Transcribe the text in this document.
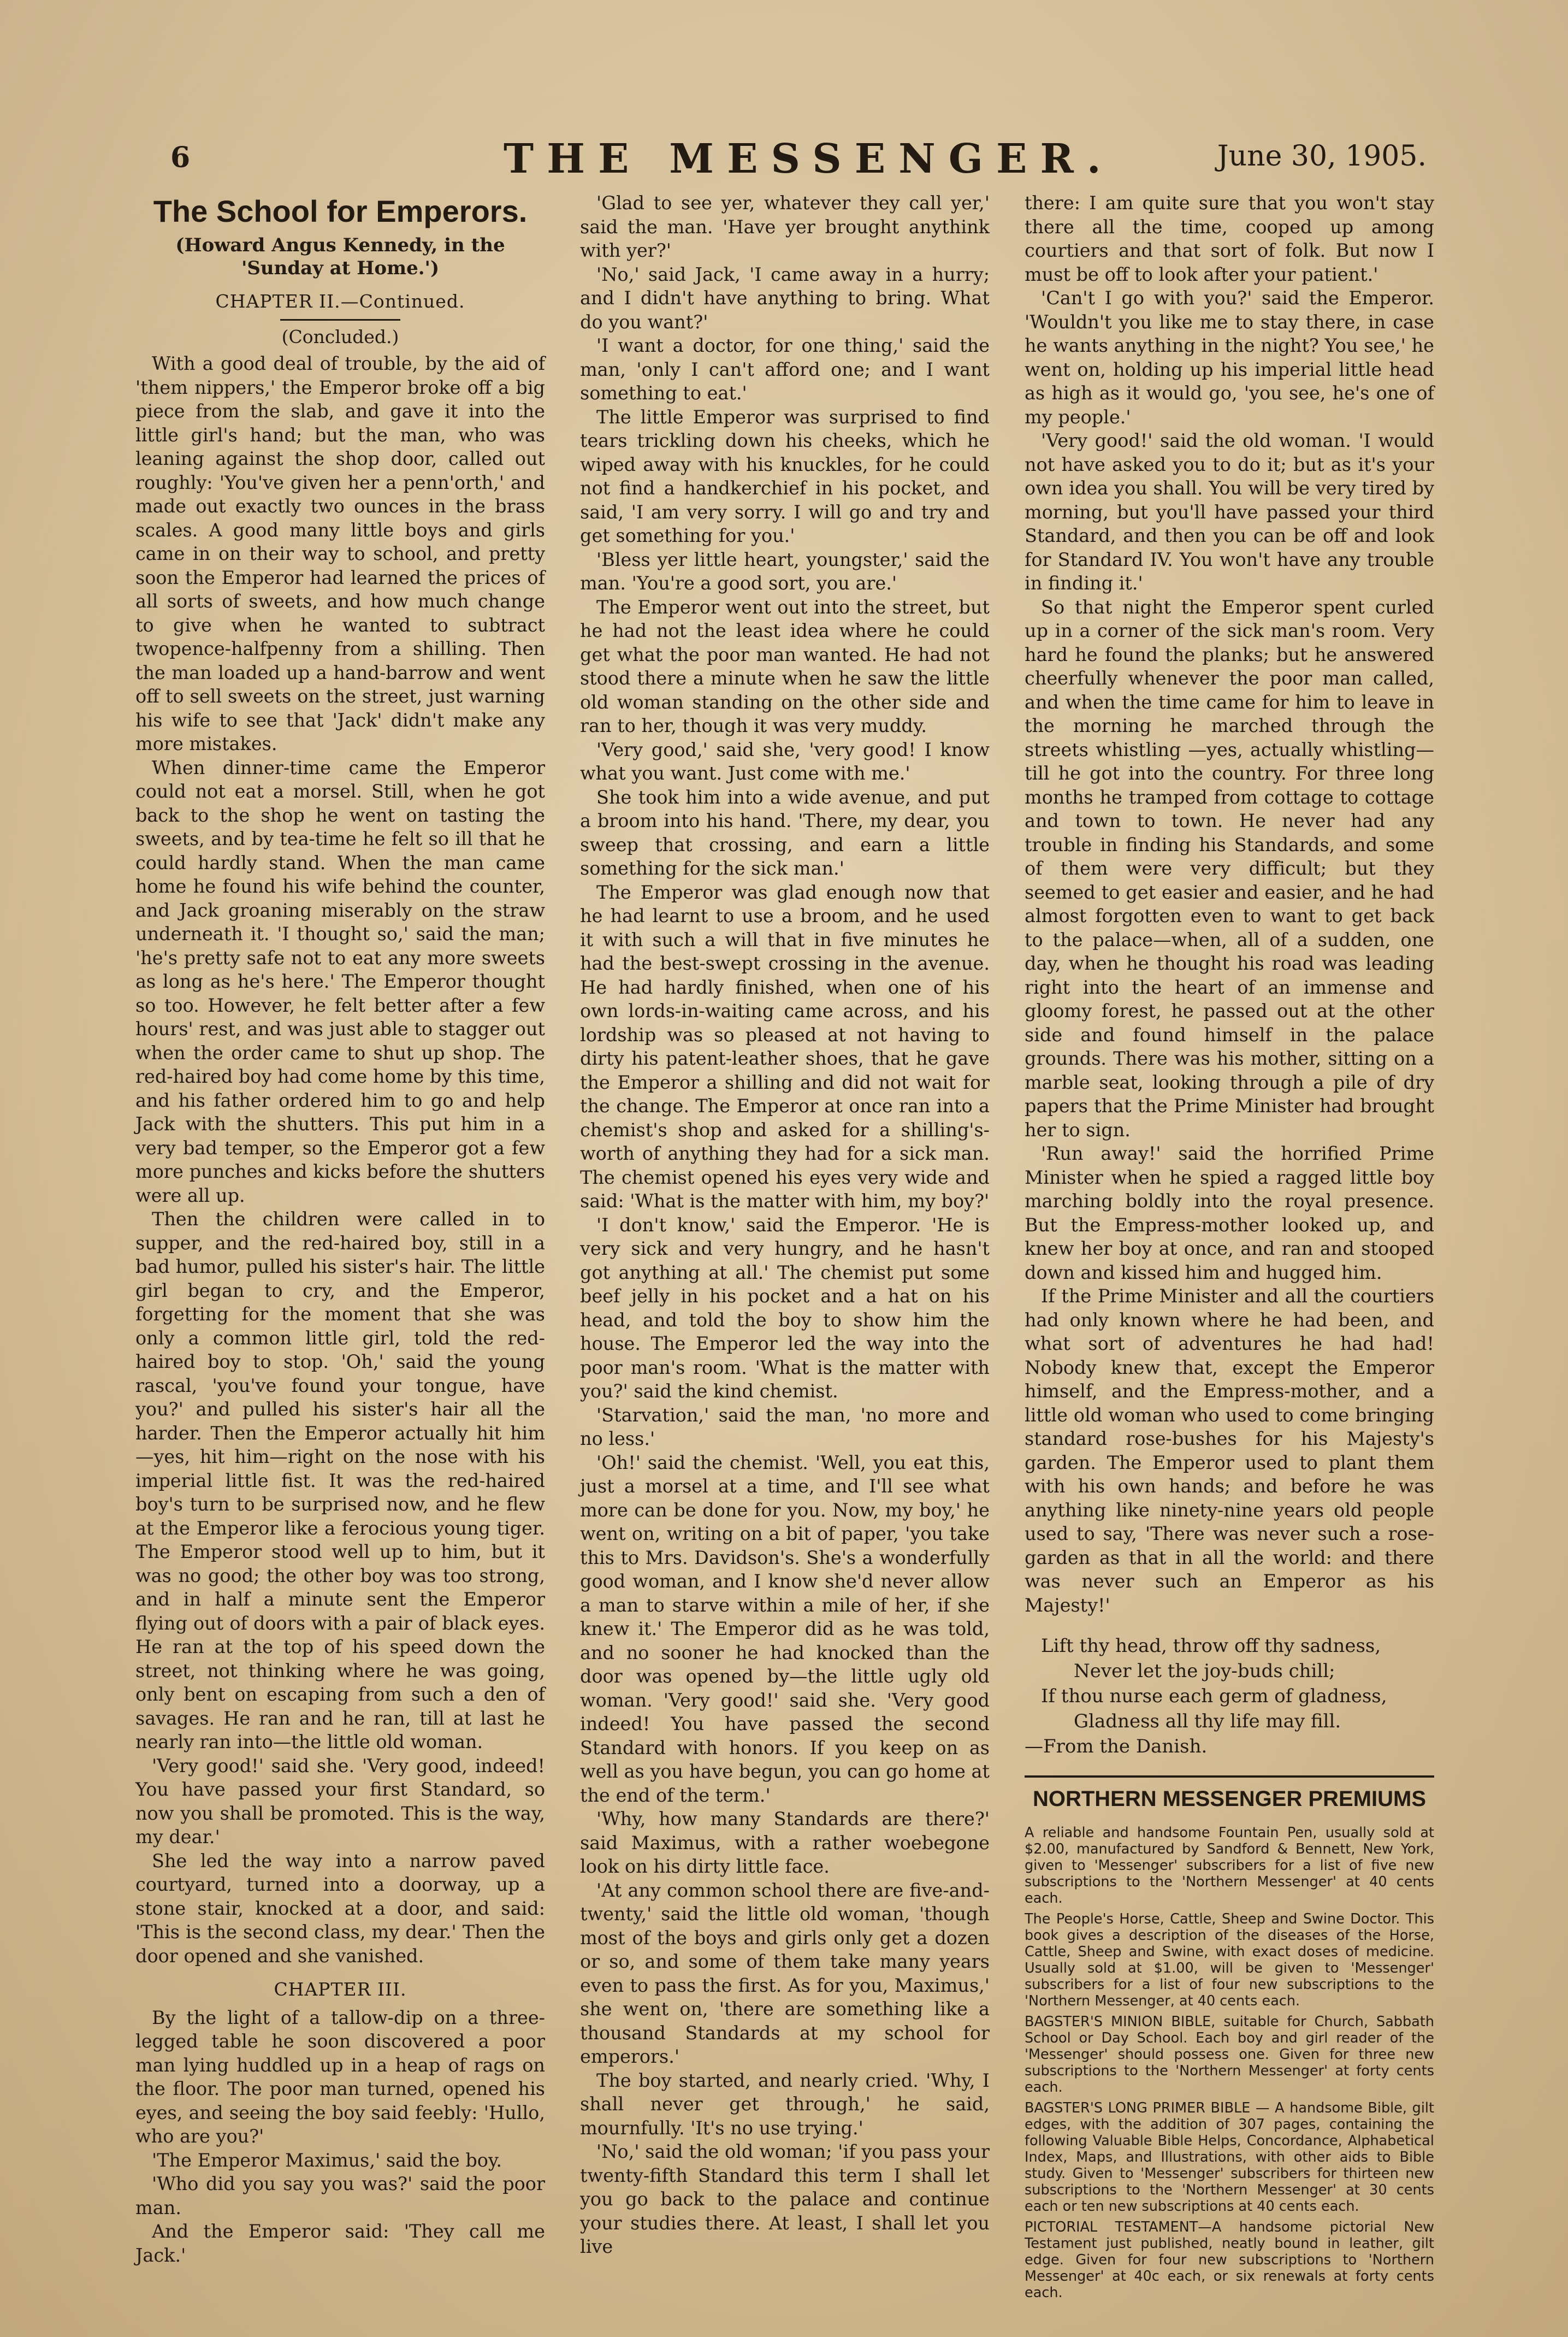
6	THE MESSENGER.	June 30, 1905.
The School for Emperors.
(Howard Angus Kennedy, in the 'Sunday at Home.')
CHAPTER II.—Continued.
(Concluded.)

With a good deal of trouble, by the aid of 'them nippers,' the Emperor broke off a big piece from the slab, and gave it into the little girl's hand; but the man, who was leaning against the shop door, called out roughly: 'You've given her a penn'orth,' and made out exactly two ounces in the brass scales. A good many little boys and girls came in on their way to school, and pretty soon the Emperor had learned the prices of all sorts of sweets, and how much change to give when he wanted to subtract twopence-halfpenny from a shilling. Then the man loaded up a hand-barrow and went off to sell sweets on the street, just warning his wife to see that 'Jack' didn't make any more mistakes.

When dinner-time came the Emperor could not eat a morsel. Still, when he got back to the shop he went on tasting the sweets, and by tea-time he felt so ill that he could hardly stand. When the man came home he found his wife behind the counter, and Jack groaning miserably on the straw underneath it. 'I thought so,' said the man; 'he's pretty safe not to eat any more sweets as long as he's here.' The Emperor thought so too. However, he felt better after a few hours' rest, and was just able to stagger out when the order came to shut up shop. The red-haired boy had come home by this time, and his father ordered him to go and help Jack with the shutters. This put him in a very bad temper, so the Emperor got a few more punches and kicks before the shutters were all up.

Then the children were called in to supper, and the red-haired boy, still in a bad humor, pulled his sister's hair. The little girl began to cry, and the Emperor, forgetting for the moment that she was only a common little girl, told the red-haired boy to stop. 'Oh,' said the young rascal, 'you've found your tongue, have you?' and pulled his sister's hair all the harder. Then the Emperor actually hit him—yes, hit him—right on the nose with his imperial little fist. It was the red-haired boy's turn to be surprised now, and he flew at the Emperor like a ferocious young tiger. The Emperor stood well up to him, but it was no good; the other boy was too strong, and in half a minute sent the Emperor flying out of doors with a pair of black eyes. He ran at the top of his speed down the street, not thinking where he was going, only bent on escaping from such a den of savages. He ran and he ran, till at last he nearly ran into—the little old woman.

'Very good!' said she. 'Very good, indeed! You have passed your first Standard, so now you shall be promoted. This is the way, my dear.'

She led the way into a narrow paved courtyard, turned into a doorway, up a stone stair, knocked at a door, and said: 'This is the second class, my dear.' Then the door opened and she vanished.

CHAPTER III.

By the light of a tallow-dip on a three-legged table he soon discovered a poor man lying huddled up in a heap of rags on the floor. The poor man turned, opened his eyes, and seeing the boy said feebly: 'Hullo, who are you?'

'The Emperor Maximus,' said the boy.

'Who did you say you was?' said the poor man.

And the Emperor said: 'They call me Jack.'

'Glad to see yer, whatever they call yer,' said the man. 'Have yer brought anythink with yer?'

'No,' said Jack, 'I came away in a hurry; and I didn't have anything to bring. What do you want?'

'I want a doctor, for one thing,' said the man, 'only I can't afford one; and I want something to eat.'

The little Emperor was surprised to find tears trickling down his cheeks, which he wiped away with his knuckles, for he could not find a handkerchief in his pocket, and said, 'I am very sorry. I will go and try and get something for you.'

'Bless yer little heart, youngster,' said the man. 'You're a good sort, you are.'

The Emperor went out into the street, but he had not the least idea where he could get what the poor man wanted. He had not stood there a minute when he saw the little old woman standing on the other side and ran to her, though it was very muddy.

'Very good,' said she, 'very good! I know what you want. Just come with me.'

She took him into a wide avenue, and put a broom into his hand. 'There, my dear, you sweep that crossing, and earn a little something for the sick man.'

The Emperor was glad enough now that he had learnt to use a broom, and he used it with such a will that in five minutes he had the best-swept crossing in the avenue. He had hardly finished, when one of his own lords-in-waiting came across, and his lordship was so pleased at not having to dirty his patent-leather shoes, that he gave the Emperor a shilling and did not wait for the change. The Emperor at once ran into a chemist's shop and asked for a shilling's-worth of anything they had for a sick man. The chemist opened his eyes very wide and said: 'What is the matter with him, my boy?'

'I don't know,' said the Emperor. 'He is very sick and very hungry, and he hasn't got anything at all.' The chemist put some beef jelly in his pocket and a hat on his head, and told the boy to show him the house. The Emperor led the way into the poor man's room. 'What is the matter with you?' said the kind chemist.

'Starvation,' said the man, 'no more and no less.'

'Oh!' said the chemist. 'Well, you eat this, just a morsel at a time, and I'll see what more can be done for you. Now, my boy,' he went on, writing on a bit of paper, 'you take this to Mrs. Davidson's. She's a wonderfully good woman, and I know she'd never allow a man to starve within a mile of her, if she knew it.' The Emperor did as he was told, and no sooner he had knocked than the door was opened by—the little ugly old woman. 'Very good!' said she. 'Very good indeed! You have passed the second Standard with honors. If you keep on as well as you have begun, you can go home at the end of the term.'

'Why, how many Standards are there?' said Maximus, with a rather woebegone look on his dirty little face.

'At any common school there are five-and-twenty,' said the little old woman, 'though most of the boys and girls only get a dozen or so, and some of them take many years even to pass the first. As for you, Maximus,' she went on, 'there are something like a thousand Standards at my school for emperors.'

The boy started, and nearly cried. 'Why, I shall never get through,' he said, mournfully. 'It's no use trying.'

'No,' said the old woman; 'if you pass your twenty-fifth Standard this term I shall let you go back to the palace and continue your studies there. At least, I shall let you live

there: I am quite sure that you won't stay there all the time, cooped up among courtiers and that sort of folk. But now I must be off to look after your patient.'

'Can't I go with you?' said the Emperor. 'Wouldn't you like me to stay there, in case he wants anything in the night? You see,' he went on, holding up his imperial little head as high as it would go, 'you see, he's one of my people.'

'Very good!' said the old woman. 'I would not have asked you to do it; but as it's your own idea you shall. You will be very tired by morning, but you'll have passed your third Standard, and then you can be off and look for Standard IV. You won't have any trouble in finding it.'

So that night the Emperor spent curled up in a corner of the sick man's room. Very hard he found the planks; but he answered cheerfully whenever the poor man called, and when the time came for him to leave in the morning he marched through the streets whistling —yes, actually whistling—till he got into the country. For three long months he tramped from cottage to cottage and town to town. He never had any trouble in finding his Standards, and some of them were very difficult; but they seemed to get easier and easier, and he had almost forgotten even to want to get back to the palace—when, all of a sudden, one day, when he thought his road was leading right into the heart of an immense and gloomy forest, he passed out at the other side and found himself in the palace grounds. There was his mother, sitting on a marble seat, looking through a pile of dry papers that the Prime Minister had brought her to sign.

'Run away!' said the horrified Prime Minister when he spied a ragged little boy marching boldly into the royal presence. But the Empress-mother looked up, and knew her boy at once, and ran and stooped down and kissed him and hugged him.

If the Prime Minister and all the courtiers had only known where he had been, and what sort of adventures he had had! Nobody knew that, except the Emperor himself, and the Empress-mother, and a little old woman who used to come bringing standard rose-bushes for his Majesty's garden. The Emperor used to plant them with his own hands; and before he was anything like ninety-nine years old people used to say, 'There was never such a rose-garden as that in all the world: and there was never such an Emperor as his Majesty!'

Lift thy head, throw off thy sadness,
Never let the joy-buds chill;
If thou nurse each germ of gladness,
Gladness all thy life may fill.
—From the Danish.
NORTHERN MESSENGER PREMIUMS
A reliable and handsome Fountain Pen, usually sold at $2.00, manufactured by Sandford & Bennett, New York, given to 'Messenger' subscribers for a list of five new subscriptions to the 'Northern Messenger' at 40 cents each.
The People's Horse, Cattle, Sheep and Swine Doctor. This book gives a description of the diseases of the Horse, Cattle, Sheep and Swine, with exact doses of medicine. Usually sold at $1.00, will be given to 'Messenger' subscribers for a list of four new subscriptions to the 'Northern Messenger, at 40 cents each.
BAGSTER'S MINION BIBLE, suitable for Church, Sabbath School or Day School. Each boy and girl reader of the 'Messenger' should possess one. Given for three new subscriptions to the 'Northern Messenger' at forty cents each.
BAGSTER'S LONG PRIMER BIBLE — A handsome Bible, gilt edges, with the addition of 307 pages, containing the following Valuable Bible Helps, Concordance, Alphabetical Index, Maps, and Illustrations, with other aids to Bible study. Given to 'Messenger' subscribers for thirteen new subscriptions to the 'Northern Messenger' at 30 cents each or ten new subscriptions at 40 cents each.
PICTORIAL TESTAMENT—A handsome pictorial New Testament just published, neatly bound in leather, gilt edge. Given for four new subscriptions to 'Northern Messenger' at 40c each, or six renewals at forty cents each.
